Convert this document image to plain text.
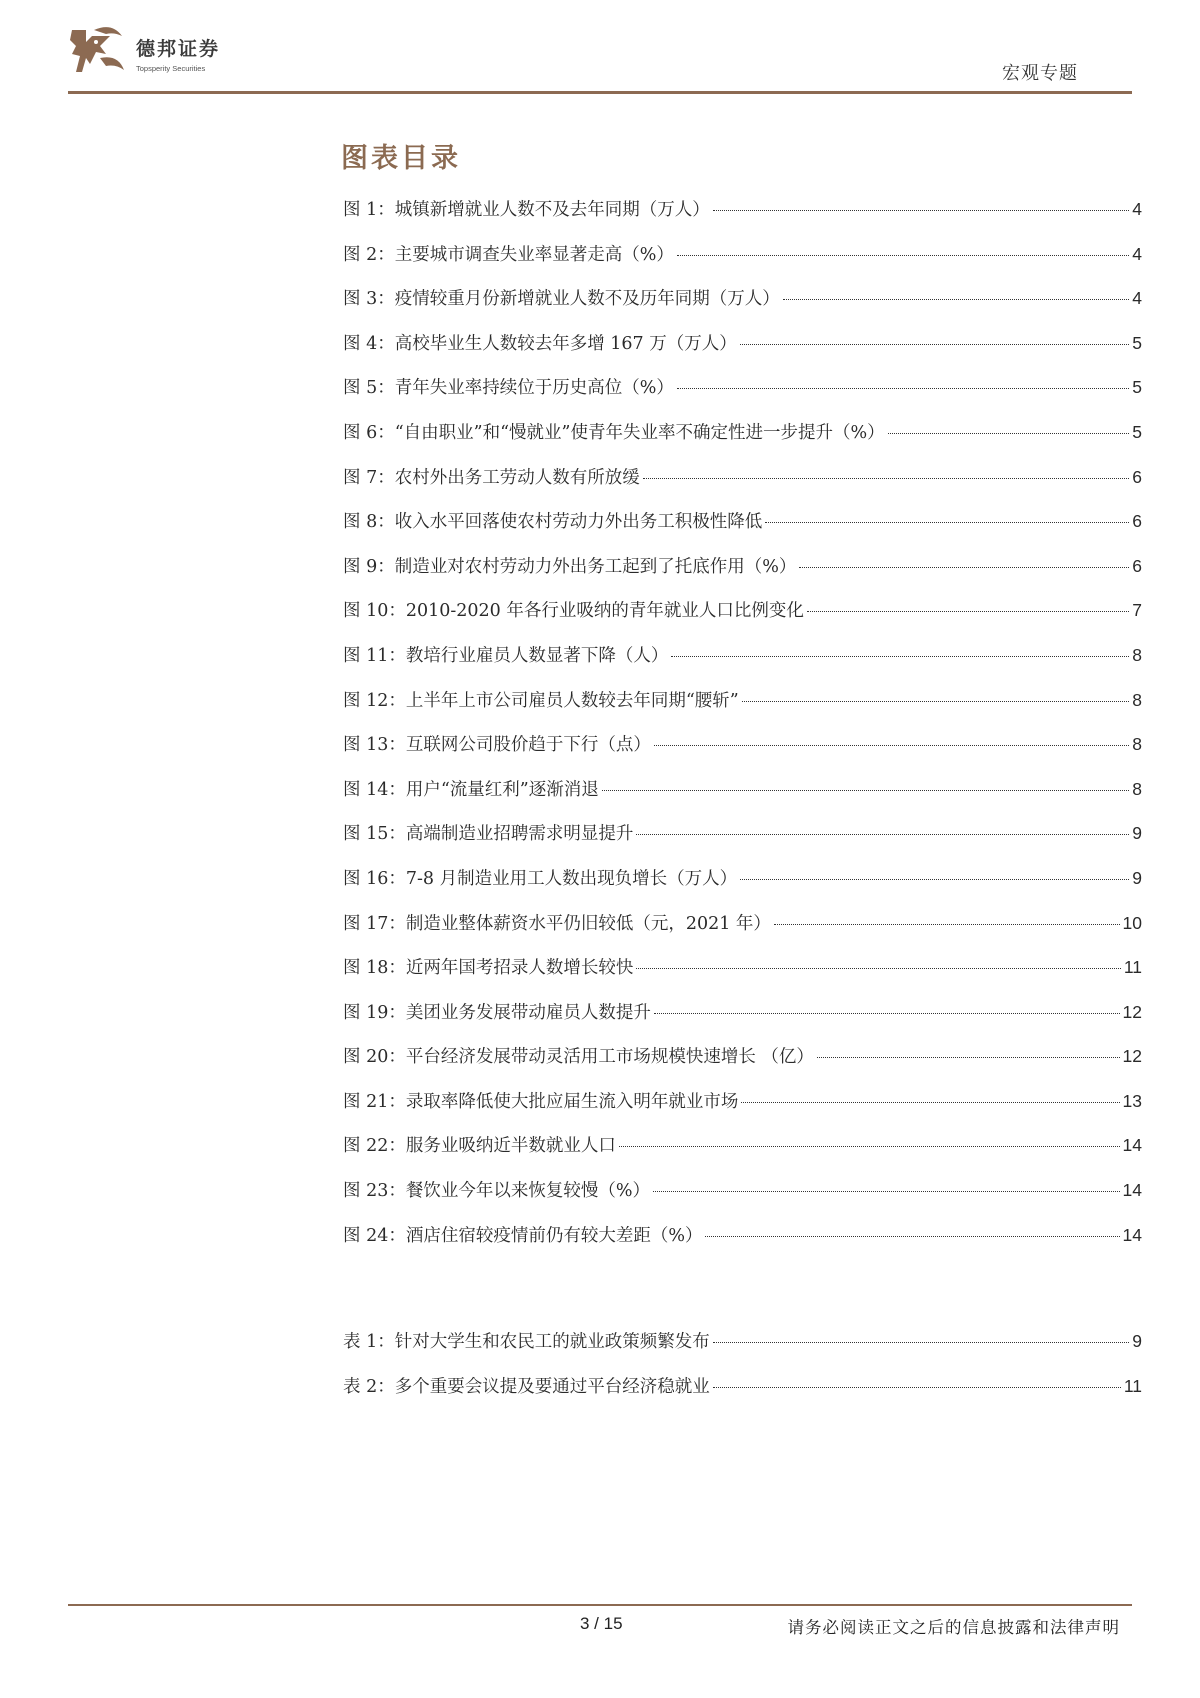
德邦证券
Topsperity Securities	宏观专题
图表目录
图 1：城镇新增就业人数不及去年同期（万人）	4
图 2：主要城市调查失业率显著走高（%）	4
图 3：疫情较重月份新增就业人数不及历年同期（万人）	4
图 4：高校毕业生人数较去年多增 167 万（万人）	5
图 5：青年失业率持续位于历史高位（%）	5
图 6：“自由职业”和“慢就业”使青年失业率不确定性进一步提升（%）	5
图 7：农村外出务工劳动人数有所放缓	6
图 8：收入水平回落使农村劳动力外出务工积极性降低	6
图 9：制造业对农村劳动力外出务工起到了托底作用（%）	6
图 10：2010-2020 年各行业吸纳的青年就业人口比例变化	7
图 11：教培行业雇员人数显著下降（人）	8
图 12：上半年上市公司雇员人数较去年同期“腰斩”	8
图 13：互联网公司股价趋于下行（点）	8
图 14：用户“流量红利”逐渐消退	8
图 15：高端制造业招聘需求明显提升	9
图 16：7-8 月制造业用工人数出现负增长（万人）	9
图 17：制造业整体薪资水平仍旧较低（元，2021 年）	10
图 18：近两年国考招录人数增长较快	11
图 19：美团业务发展带动雇员人数提升	12
图 20：平台经济发展带动灵活用工市场规模快速增长 （亿）	12
图 21：录取率降低使大批应届生流入明年就业市场	13
图 22：服务业吸纳近半数就业人口	14
图 23：餐饮业今年以来恢复较慢（%）	14
图 24：酒店住宿较疫情前仍有较大差距（%）	14
表 1：针对大学生和农民工的就业政策频繁发布	9
表 2：多个重要会议提及要通过平台经济稳就业	11
3 / 15	请务必阅读正文之后的信息披露和法律声明
